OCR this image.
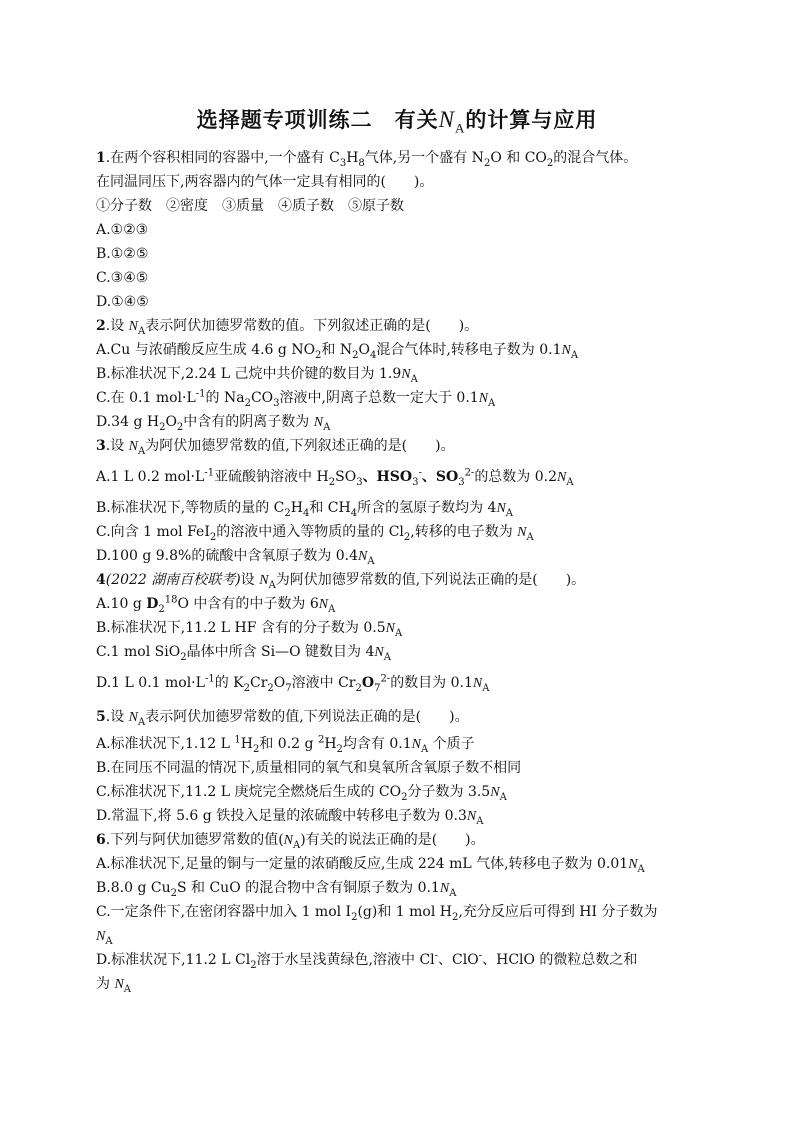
选择题专项训练二　有关$N_A$的计算与应用
1.在两个容积相同的容器中,一个盛有 $C_3H_8$气体,另一个盛有 $N_2O$ 和 $CO_2$的混合气体。
在同温同压下,两容器内的气体一定具有相同的(　　)。
①分子数　②密度　③质量　④质子数　⑤原子数
A.①②③
B.①②⑤
C.③④⑤
D.①④⑤
2.设 $N_A$表示阿伏加德罗常数的值。下列叙述正确的是(　　)。
A.Cu 与浓硝酸反应生成 4.6 g $NO_2$和 $N_2O_4$混合气体时,转移电子数为 $0.1N_A$
B.标准状况下,2.24 L 己烷中共价键的数目为 $1.9N_A$
C.在 0.1 $mol\cdot L^{-1}$的 $Na_2CO_3$溶液中,阴离子总数一定大于 $0.1N_A$
D.34 g $H_2O_2$中含有的阴离子数为 $N_A$
3.设 $N_A$为阿伏加德罗常数的值,下列叙述正确的是(　　)。
A.1 L 0.2 $mol\cdot L^{-1}$亚硫酸钠溶液中 $H_2SO_3$、$HSO_3^-$、$SO_3^{2-}$的总数为 $0.2N_A$
B.标准状况下,等物质的量的 $C_2H_4$和 $CH_4$所含的氢原子数均为 $4N_A$
C.向含 1 mol FeI$_2$的溶液中通入等物质的量的 $Cl_2$,转移的电子数为 $N_A$
D.100 g 9.8%的硫酸中含氧原子数为 $0.4N_A$
4(2022 湖南百校联考)设 $N_A$为阿伏加德罗常数的值,下列说法正确的是(　　)。
A.10 g $D_2^{18}O$ 中含有的中子数为 $6N_A$
B.标准状况下,11.2 L HF 含有的分子数为 $0.5N_A$
C.1 mol SiO$_2$晶体中所含 Si—O 键数目为 $4N_A$
D.1 L 0.1 $mol\cdot L^{-1}$的 $K_2Cr_2O_7$溶液中 $Cr_2O_7^{2-}$的数目为 $0.1N_A$
5.设 $N_A$表示阿伏加德罗常数的值,下列说法正确的是(　　)。
A.标准状况下,1.12 L $^1H_2$和 0.2 g $^2H_2$均含有 $0.1N_A$ 个质子
B.在同压不同温的情况下,质量相同的氧气和臭氧所含氧原子数不相同
C.标准状况下,11.2 L 庚烷完全燃烧后生成的 $CO_2$分子数为 $3.5N_A$
D.常温下,将 5.6 g 铁投入足量的浓硫酸中转移电子数为 $0.3N_A$
6.下列与阿伏加德罗常数的值$(N_A)$有关的说法正确的是(　　)。
A.标准状况下,足量的铜与一定量的浓硝酸反应,生成 224 mL 气体,转移电子数为 $0.01N_A$
B.8.0 g $Cu_2S$ 和 CuO 的混合物中含有铜原子数为 $0.1N_A$
C.一定条件下,在密闭容器中加入 1 mol $I_2(g)$和 1 mol $H_2$,充分反应后可得到 HI 分子数为
$N_A$
D.标准状况下,11.2 L $Cl_2$溶于水呈浅黄绿色,溶液中 Cl-、ClO-、HClO 的微粒总数之和
为 $N_A$
